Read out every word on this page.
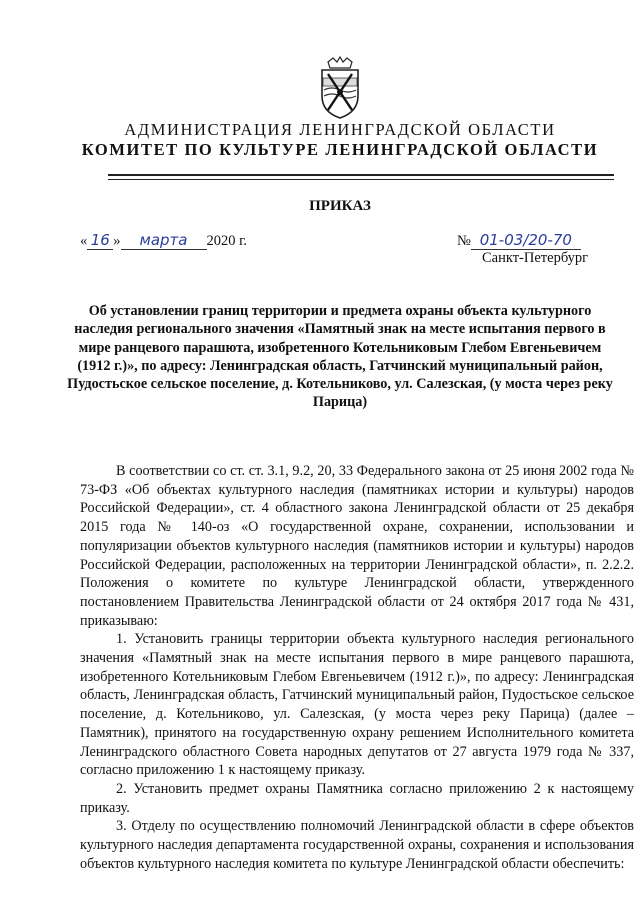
АДМИНИСТРАЦИЯ ЛЕНИНГРАДСКОЙ ОБЛАСТИ
КОМИТЕТ ПО КУЛЬТУРЕ ЛЕНИНГРАДСКОЙ ОБЛАСТИ
ПРИКАЗ
« 16 » марта 2020 г.	№ 01-03/20-70
Санкт-Петербург
Об установлении границ территории и предмета охраны объекта культурного наследия регионального значения «Памятный знак на месте испытания первого в мире ранцевого парашюта, изобретенного Котельниковым Глебом Евгеньевичем (1912 г.)», по адресу: Ленинградская область, Гатчинский муниципальный район, Пудостьское сельское поселение, д. Котельниково, ул. Салезская, (у моста через реку Парица)

В соответствии со ст. ст. 3.1, 9.2, 20, 33 Федерального закона от 25 июня 2002 года № 73-ФЗ «Об объектах культурного наследия (памятниках истории и культуры) народов Российской Федерации», ст. 4 областного закона Ленинградской области от 25 декабря 2015 года № 140-оз «О государственной охране, сохранении, использовании и популяризации объектов культурного наследия (памятников истории и культуры) народов Российской Федерации, расположенных на территории Ленинградской области», п. 2.2.2. Положения о комитете по культуре Ленинградской области, утвержденного постановлением Правительства Ленинградской области от 24 октября 2017 года № 431, приказываю:

1. Установить границы территории объекта культурного наследия регионального значения «Памятный знак на месте испытания первого в мире ранцевого парашюта, изобретенного Котельниковым Глебом Евгеньевичем (1912 г.)», по адресу: Ленинградская область, Ленинградская область, Гатчинский муниципальный район, Пудостьское сельское поселение, д. Котельниково, ул. Салезская, (у моста через реку Парица) (далее – Памятник), принятого на государственную охрану решением Исполнительного комитета Ленинградского областного Совета народных депутатов от 27 августа 1979 года № 337, согласно приложению 1 к настоящему приказу.

2. Установить предмет охраны Памятника согласно приложению 2 к настоящему приказу.

3. Отделу по осуществлению полномочий Ленинградской области в сфере объектов культурного наследия департамента государственной охраны, сохранения и использования объектов культурного наследия комитета по культуре Ленинградской области обеспечить:
